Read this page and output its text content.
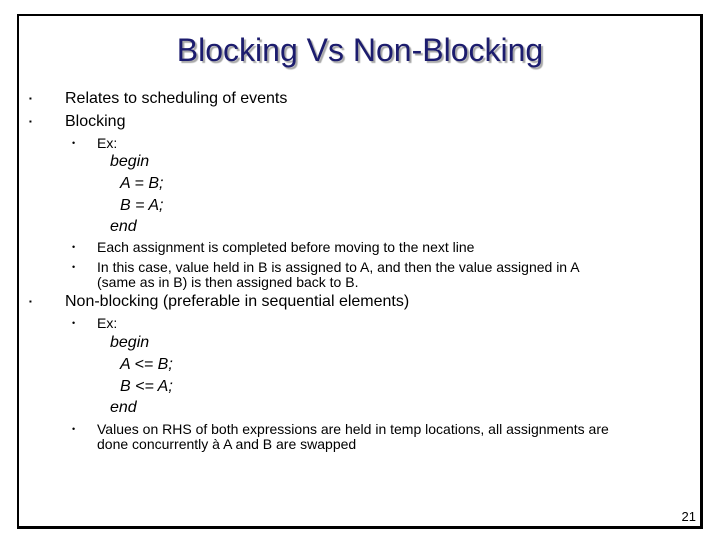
Blocking Vs Non-Blocking
▪ Relates to scheduling of events
▪ Blocking
• Ex:
begin
A = B;
B = A;
end
• Each assignment is completed before moving to the next line
• In this case, value held in B is assigned to A, and then the value assigned in A
(same as in B) is then assigned back to B.
▪ Non-blocking (preferable in sequential elements)
• Ex:
begin
A <= B;
B <= A;
end
• Values on RHS of both expressions are held in temp locations, all assignments are
done concurrently à A and B are swapped
21
